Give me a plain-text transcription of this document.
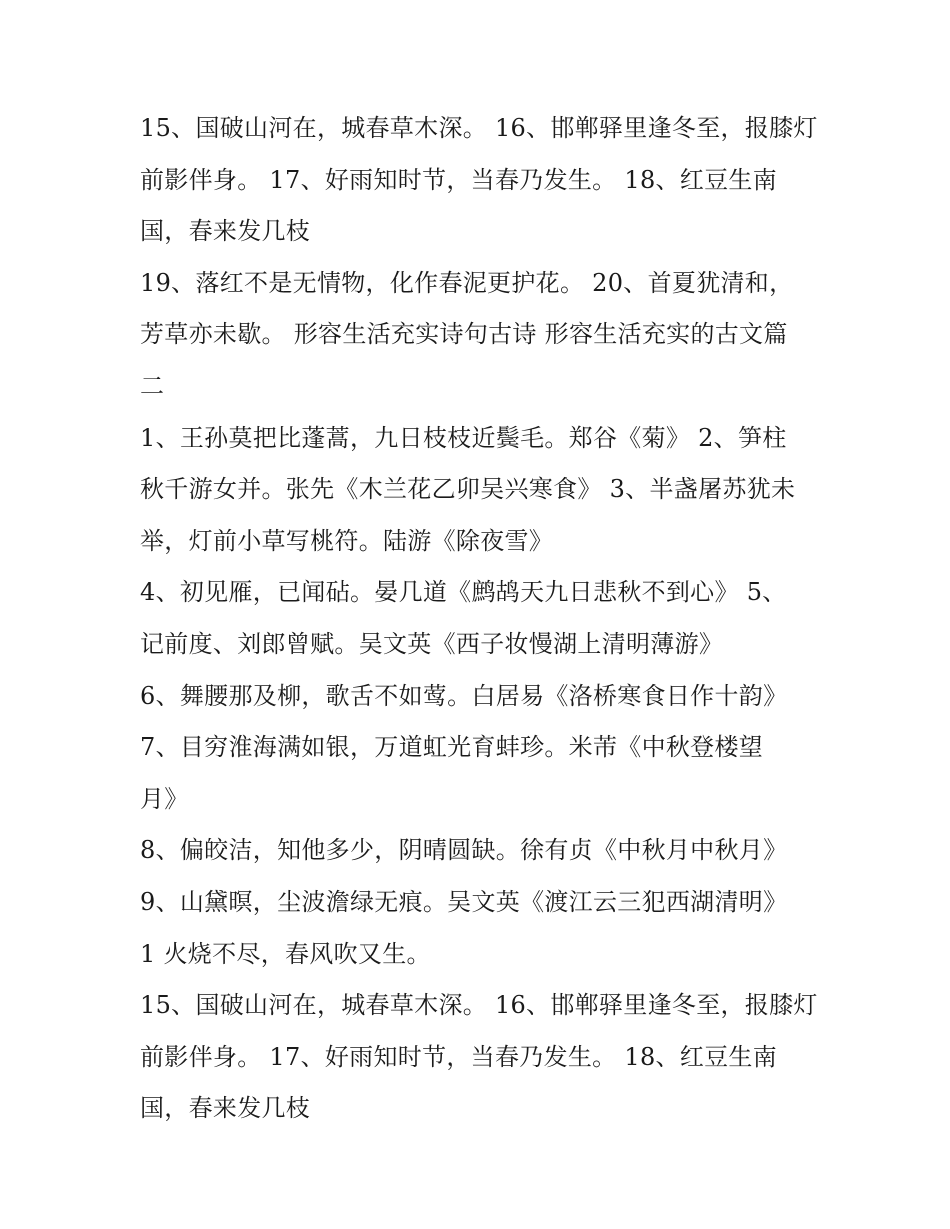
15、国破山河在，城春草木深。 16、邯郸驿里逢冬至，报膝灯
前影伴身。 17、好雨知时节，当春乃发生。 18、红豆生南
国，春来发几枝
19、落红不是无情物，化作春泥更护花。 20、首夏犹清和，
芳草亦未歇。 形容生活充实诗句古诗 形容生活充实的古文篇
二
1、王孙莫把比蓬蒿，九日枝枝近鬓毛。郑谷《菊》 2、笋柱
秋千游女并。张先《木兰花乙卯吴兴寒食》 3、半盏屠苏犹未
举，灯前小草写桃符。陆游《除夜雪》
4、初见雁，已闻砧。晏几道《鹧鸪天九日悲秋不到心》 5、
记前度、刘郎曾赋。吴文英《西子妆慢湖上清明薄游》
6、舞腰那及柳，歌舌不如莺。白居易《洛桥寒食日作十韵》
7、目穷淮海满如银，万道虹光育蚌珍。米芾《中秋登楼望
月》
8、偏皎洁，知他多少，阴晴圆缺。徐有贞《中秋月中秋月》
9、山黛暝，尘波澹绿无痕。吴文英《渡江云三犯西湖清明》
1 火烧不尽，春风吹又生。
15、国破山河在，城春草木深。 16、邯郸驿里逢冬至，报膝灯
前影伴身。 17、好雨知时节，当春乃发生。 18、红豆生南
国，春来发几枝
